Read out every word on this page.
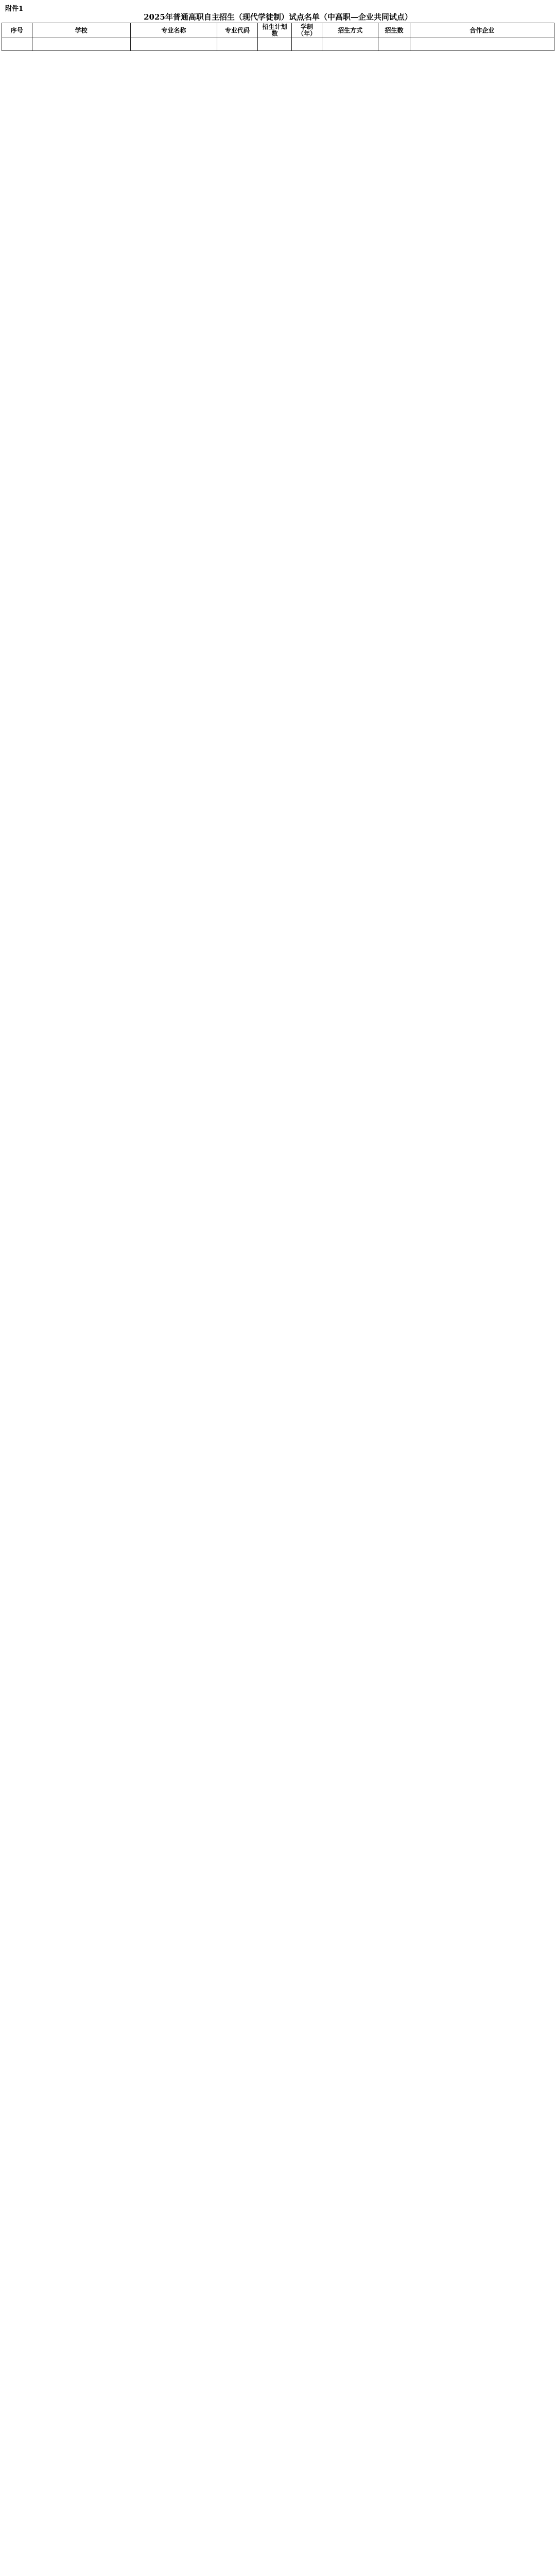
附件1
2025年普通高职自主招生（现代学徒制）试点名单（中高职—企业共同试点）
序号	学校	专业名称	专业代码	招生计划数	学制（年）	招生方式	招生数	合作企业
